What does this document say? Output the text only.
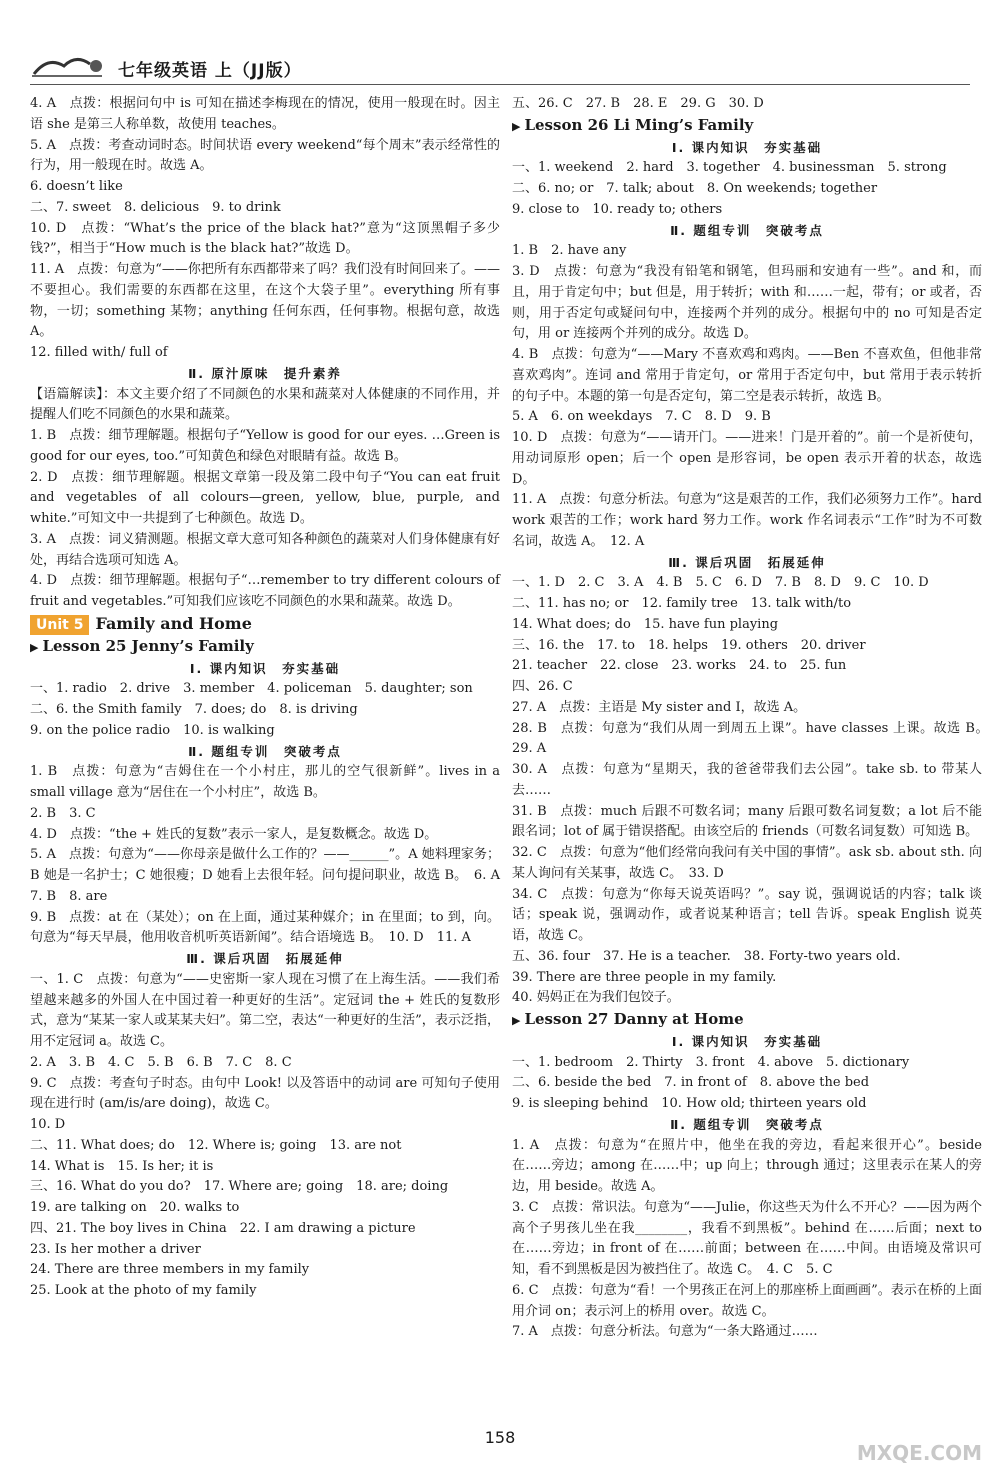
七年级英语 上（JJ版）

4. A　点拨：根据问句中 is 可知在描述李梅现在的情况，使用一般现在时。因主语 she 是第三人称单数，故使用 teaches。

5. A　点拨：考查动词时态。时间状语 every weekend“每个周末”表示经常性的行为，用一般现在时。故选 A。

6. doesn’t like

二、7. sweet　8. delicious　9. to drink

10. D　点拨：“What’s the price of the black hat?”意为“这顶黑帽子多少钱?”，相当于“How much is the black hat?”故选 D。

11. A　点拨：句意为“——你把所有东西都带来了吗？我们没有时间回来了。——不要担心。我们需要的东西都在这里，在这个大袋子里”。everything 所有事物，一切；something 某物；anything 任何东西，任何事物。根据句意，故选 A。

12. filled with/ full of

Ⅱ. 原汁原味　提升素养

【语篇解读】：本文主要介绍了不同颜色的水果和蔬菜对人体健康的不同作用，并提醒人们吃不同颜色的水果和蔬菜。

1. B　点拨：细节理解题。根据句子“Yellow is good for our eyes. …Green is good for our eyes, too.”可知黄色和绿色对眼睛有益。故选 B。

2. D　点拨：细节理解题。根据文章第一段及第二段中句子“You can eat fruit and vegetables of all colours—green, yellow, blue, purple, and white.”可知文中一共提到了七种颜色。故选 D。

3. A　点拨：词义猜测题。根据文章大意可知各种颜色的蔬菜对人们身体健康有好处，再结合选项可知选 A。

4. D　点拨：细节理解题。根据句子“…remember to try different colours of fruit and vegetables.”可知我们应该吃不同颜色的水果和蔬菜。故选 D。

Unit 5 Family and Home

▶ Lesson 25 Jenny’s Family

Ⅰ. 课内知识　夯实基础

一、1. radio　2. drive　3. member　4. policeman　5. daughter; son

二、6. the Smith family　7. does; do　8. is driving

9. on the police radio　10. is walking

Ⅱ. 题组专训　突破考点

1. B　点拨：句意为“吉姆住在一个小村庄，那儿的空气很新鲜”。lives in a small village 意为“居住在一个小村庄”，故选 B。

2. B　3. C

4. D　点拨：“the + 姓氏的复数”表示一家人，是复数概念。故选 D。

5. A　点拨：句意为“——你母亲是做什么工作的？——______”。A 她料理家务；B 她是一名护士；C 她很瘦；D 她看上去很年轻。问句提问职业，故选 B。　6. A　7. B　8. are

9. B　点拨：at 在（某处）；on 在上面，通过某种媒介；in 在里面；to 到，向。句意为“每天早晨，他用收音机听英语新闻”。结合语境选 B。　10. D　11. A

Ⅲ. 课后巩固　拓展延伸

一、1. C　点拨：句意为“——史密斯一家人现在习惯了在上海生活。——我们希望越来越多的外国人在中国过着一种更好的生活”。定冠词 the + 姓氏的复数形式，意为“某某一家人或某某夫妇”。第二空，表达“一种更好的生活”，表示泛指，用不定冠词 a。故选 C。

2. A　3. B　4. C　5. B　6. B　7. C　8. C

9. C　点拨：考查句子时态。由句中 Look! 以及答语中的动词 are 可知句子使用现在进行时 (am/is/are doing)，故选 C。

10. D

二、11. What does; do　12. Where is; going　13. are not

14. What is　15. Is her; it is

三、16. What do you do?　17. Where are; going　18. are; doing

19. are talking on　20. walks to

四、21. The boy lives in China　22. I am drawing a picture

23. Is her mother a driver

24. There are three members in my family

25. Look at the photo of my family

五、26. C　27. B　28. E　29. G　30. D

▶ Lesson 26 Li Ming’s Family

Ⅰ. 课内知识　夯实基础

一、1. weekend　2. hard　3. together　4. businessman　5. strong

二、6. no; or　7. talk; about　8. On weekends; together

9. close to　10. ready to; others

Ⅱ. 题组专训　突破考点

1. B　2. have any

3. D　点拨：句意为“我没有铅笔和钢笔，但玛丽和安迪有一些”。and 和，而且，用于肯定句中；but 但是，用于转折；with 和……一起，带有；or 或者，否则，用于否定句或疑问句中，连接两个并列的成分。根据句中的 no 可知是否定句，用 or 连接两个并列的成分。故选 D。

4. B　点拨：句意为“——Mary 不喜欢鸡和鸡肉。——Ben 不喜欢鱼，但他非常喜欢鸡肉”。连词 and 常用于肯定句，or 常用于否定句中，but 常用于表示转折的句子中。本题的第一句是否定句，第二空是表示转折，故选 B。

5. A　6. on weekdays　7. C　8. D　9. B

10. D　点拨：句意为“——请开门。——进来！门是开着的”。前一个是祈使句，用动词原形 open；后一个 open 是形容词，be open 表示开着的状态，故选 D。

11. A　点拨：句意分析法。句意为“这是艰苦的工作，我们必须努力工作”。hard work 艰苦的工作；work hard 努力工作。work 作名词表示“工作”时为不可数名词，故选 A。　12. A

Ⅲ. 课后巩固　拓展延伸

一、1. D　2. C　3. A　4. B　5. C　6. D　7. B　8. D　9. C　10. D

二、11. has no; or　12. family tree　13. talk with/to

14. What does; do　15. have fun playing

三、16. the　17. to　18. helps　19. others　20. driver

21. teacher　22. close　23. works　24. to　25. fun

四、26. C

27. A　点拨：主语是 My sister and I，故选 A。

28. B　点拨：句意为“我们从周一到周五上课”。have classes 上课。故选 B。　29. A

30. A　点拨：句意为“星期天，我的爸爸带我们去公园”。take sb. to 带某人去……

31. B　点拨：much 后跟不可数名词；many 后跟可数名词复数；a lot 后不能跟名词；lot of 属于错误搭配。由该空后的 friends（可数名词复数）可知选 B。

32. C　点拨：句意为“他们经常向我问有关中国的事情”。ask sb. about sth. 向某人询问有关某事，故选 C。　33. D

34. C　点拨：句意为“你每天说英语吗？”。say 说，强调说话的内容；talk 谈话；speak 说，强调动作，或者说某种语言；tell 告诉。speak English 说英语，故选 C。

五、36. four　37. He is a teacher.　38. Forty-two years old.

39. There are three people in my family.

40. 妈妈正在为我们包饺子。

▶ Lesson 27 Danny at Home

Ⅰ. 课内知识　夯实基础

一、1. bedroom　2. Thirty　3. front　4. above　5. dictionary

二、6. beside the bed　7. in front of　8. above the bed

9. is sleeping behind　10. How old; thirteen years old

Ⅱ. 题组专训　突破考点

1. A　点拨：句意为“在照片中，他坐在我的旁边，看起来很开心”。beside 在……旁边；among 在……中；up 向上；through 通过；这里表示在某人的旁边，用 beside。故选 A。

3. C　点拨：常识法。句意为“——Julie，你这些天为什么不开心？——因为两个高个子男孩儿坐在我________，我看不到黑板”。behind 在……后面；next to 在……旁边；in front of 在……前面；between 在……中间。由语境及常识可知，看不到黑板是因为被挡住了。故选 C。　4. C　5. C

6. C　点拨：句意为“看！一个男孩正在河上的那座桥上面画画”。表示在桥的上面用介词 on；表示河上的桥用 over。故选 C。

7. A　点拨：句意分析法。句意为“一条大路通过……

158
MXQE.COM
